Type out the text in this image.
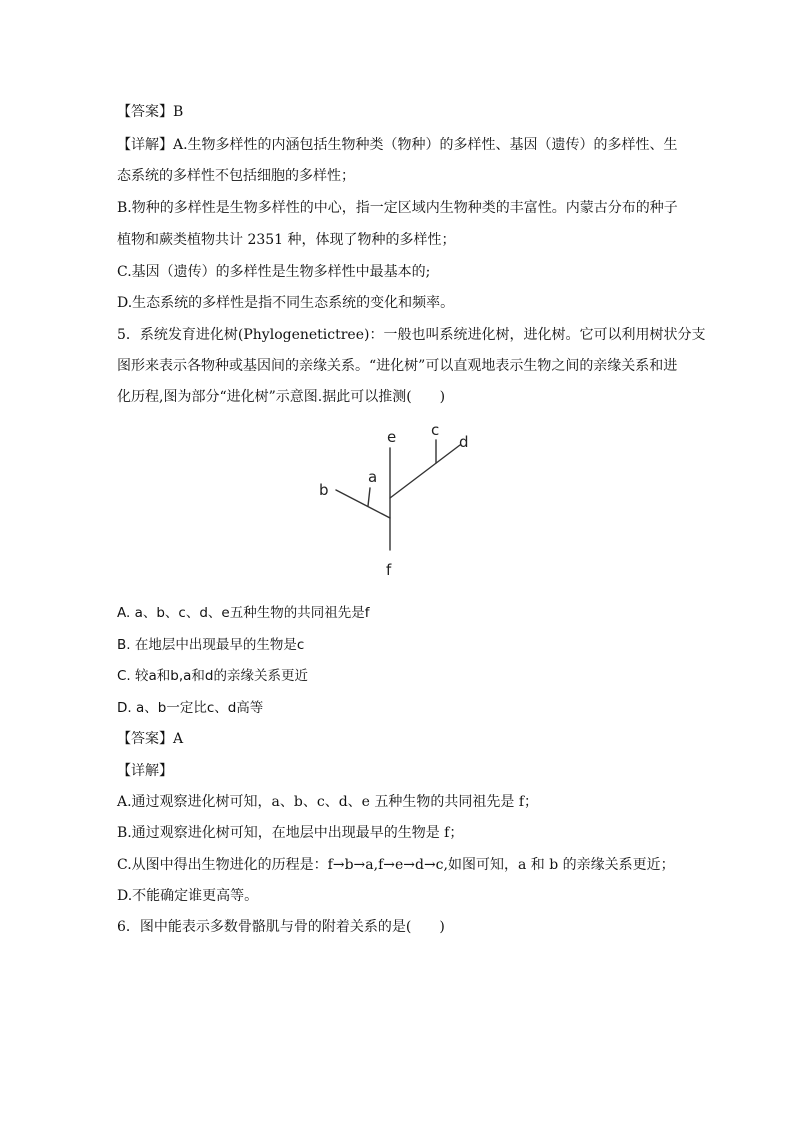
【答案】B
【详解】A.生物多样性的内涵包括生物种类（物种）的多样性、基因（遗传）的多样性、生
态系统的多样性不包括细胞的多样性；
B.物种的多样性是生物多样性的中心，指一定区域内生物种类的丰富性。内蒙古分布的种子
植物和蕨类植物共计 2351 种，体现了物种的多样性；
C.基因（遗传）的多样性是生物多样性中最基本的;
D.生态系统的多样性是指不同生态系统的变化和频率。
5．系统发育进化树(Phylogenetictree)：一般也叫系统进化树，进化树。它可以利用树状分支
图形来表示各物种或基因间的亲缘关系。“进化树”可以直观地表示生物之间的亲缘关系和进
化历程,图为部分“进化树”示意图.据此可以推测(　　)
e c
d
a
b
f
A. a、b、c、d、e五种生物的共同祖先是f
B. 在地层中出现最早的生物是c
C. 较a和b,a和d的亲缘关系更近
D. a、b一定比c、d高等
【答案】A
【详解】
A.通过观察进化树可知，a、b、c、d、e 五种生物的共同祖先是 f；
B.通过观察进化树可知，在地层中出现最早的生物是 f；
C.从图中得出生物进化的历程是：f→b→a,f→e→d→c,如图可知，a 和 b 的亲缘关系更近；
D.不能确定谁更高等。
6．图中能表示多数骨骼肌与骨的附着关系的是(　　)
